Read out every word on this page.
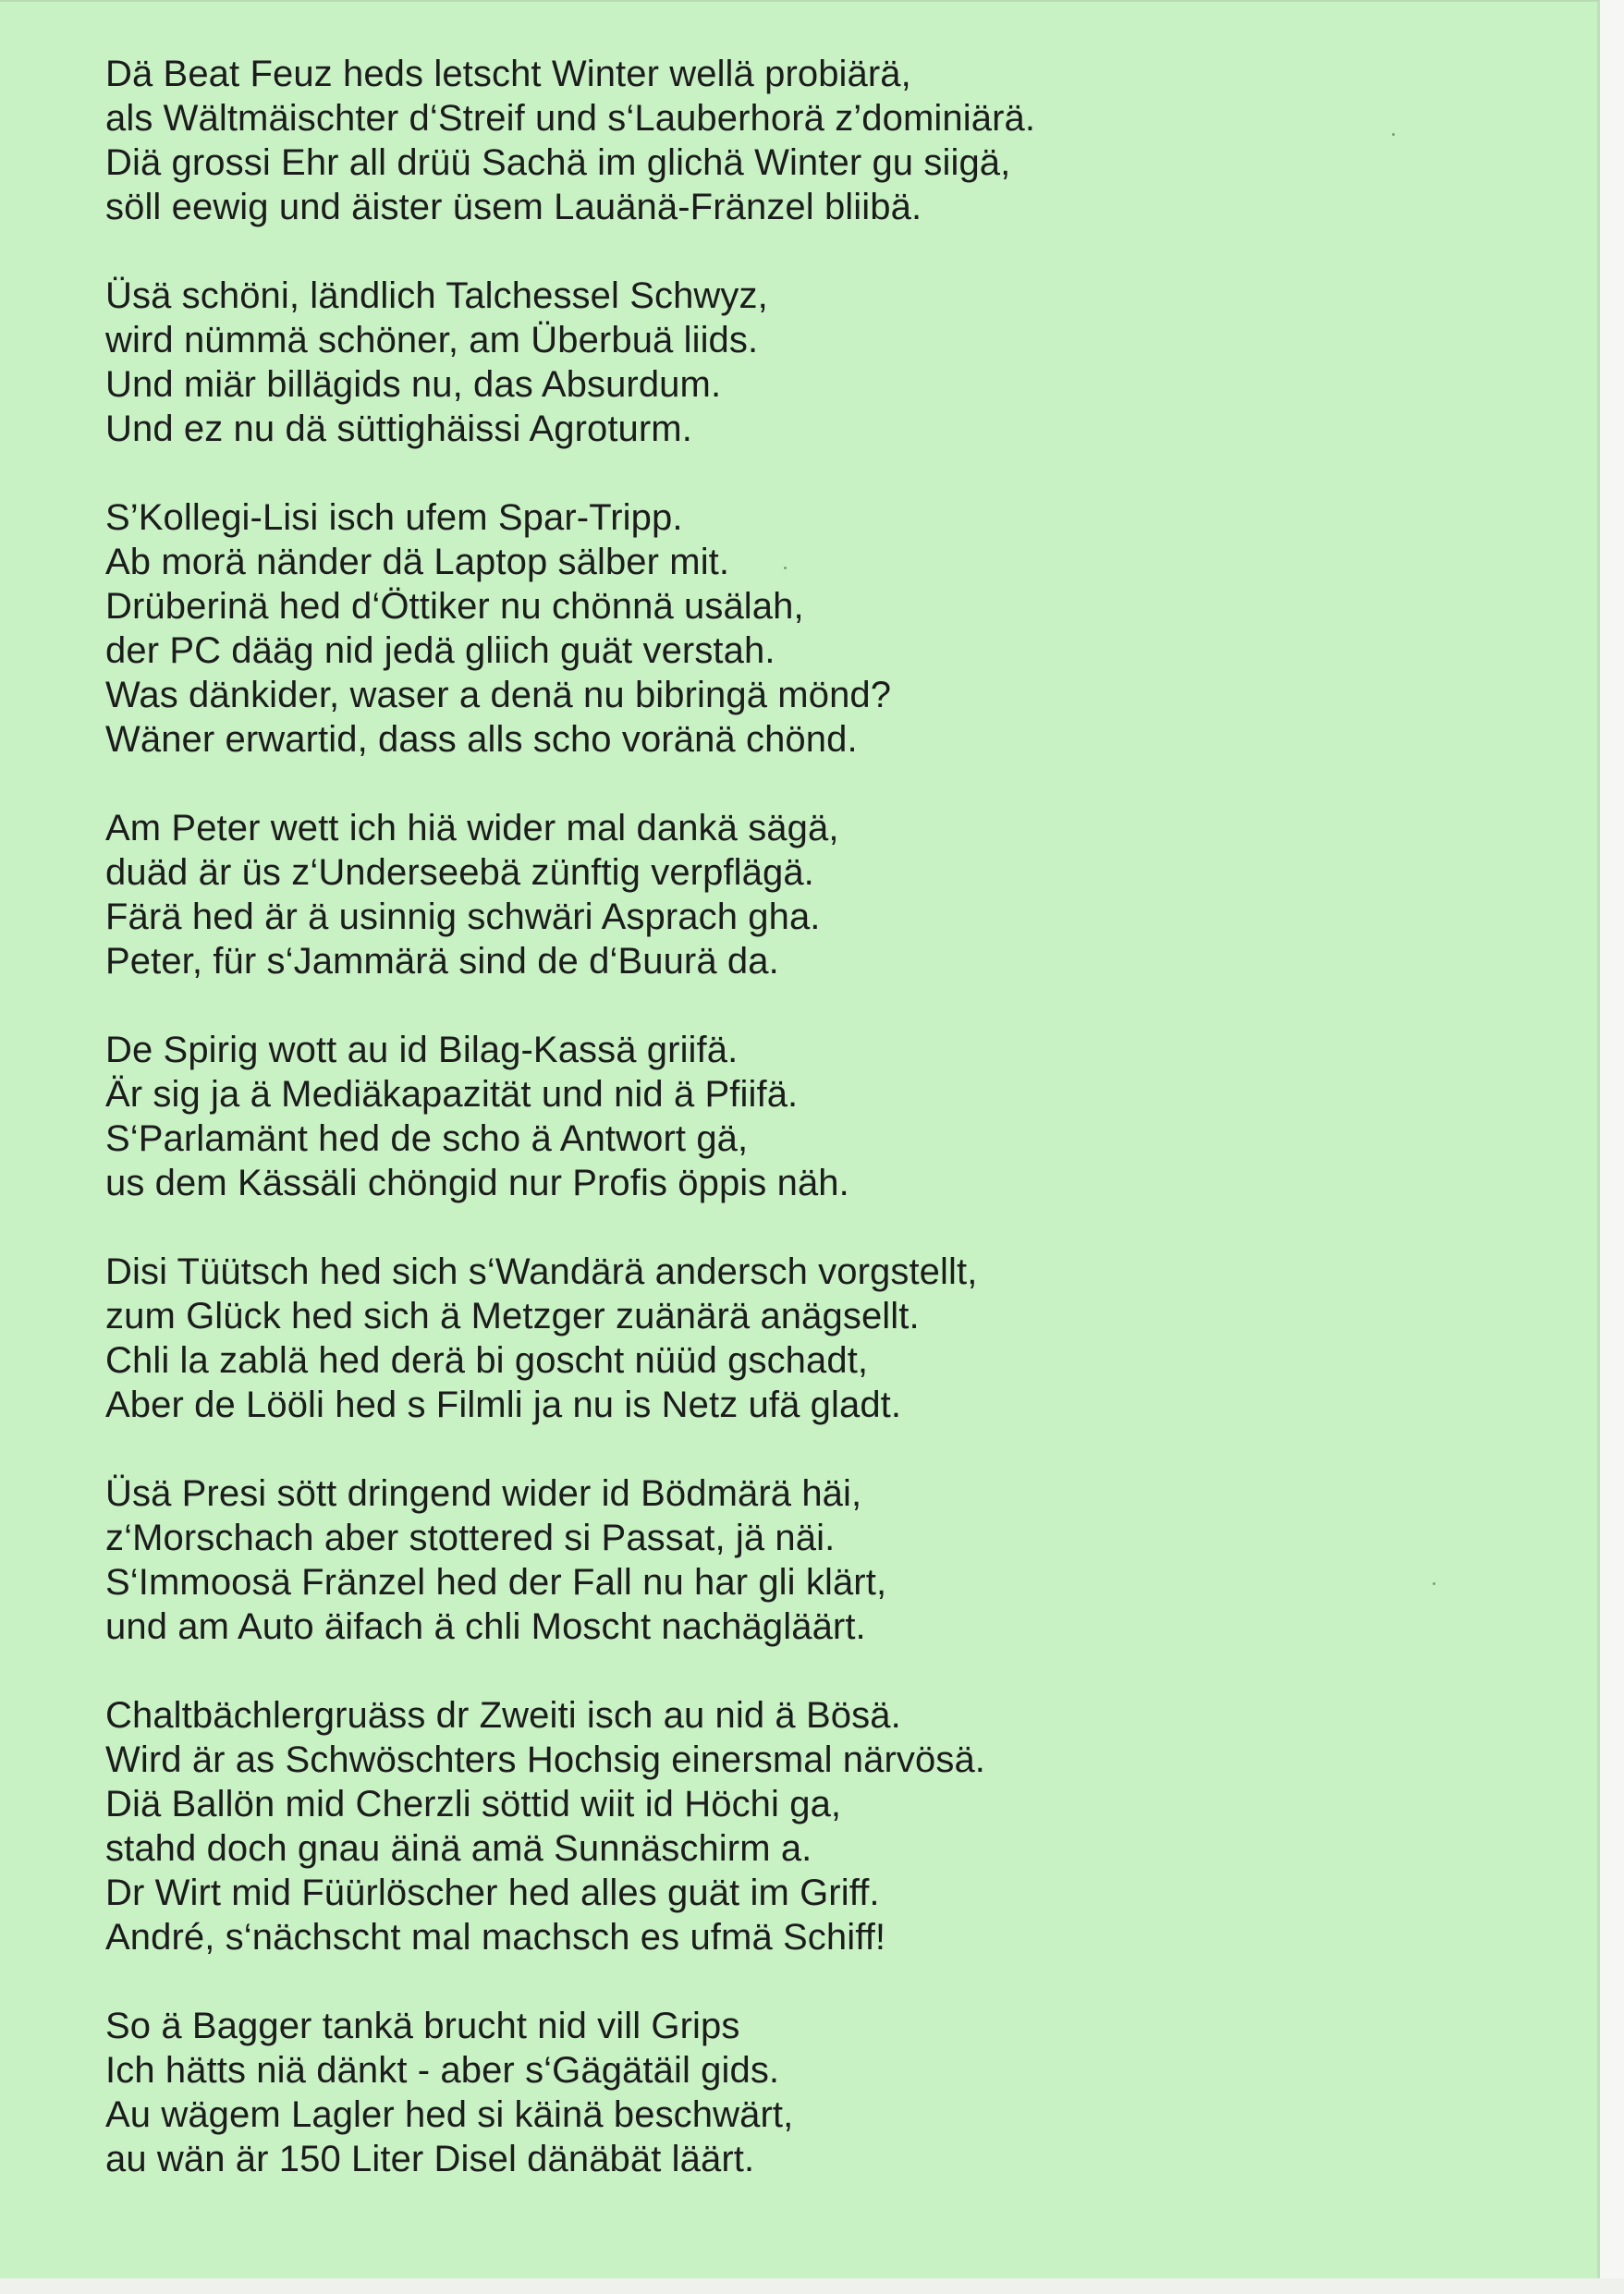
Dä Beat Feuz heds letscht Winter wellä probiärä,
als Wältmäischter d‘Streif und s‘Lauberhorä z’dominiärä.
Diä grossi Ehr all drüü Sachä im glichä Winter gu siigä,
söll eewig und äister üsem Lauänä-Fränzel bliibä.
Üsä schöni, ländlich Talchessel Schwyz,
wird nümmä schöner, am Überbuä liids.
Und miär billägids nu, das Absurdum.
Und ez nu dä süttighäissi Agroturm.
S’Kollegi-Lisi isch ufem Spar-Tripp.
Ab morä nänder dä Laptop sälber mit.
Drüberinä hed d‘Öttiker nu chönnä usälah,
der PC dääg nid jedä gliich guät verstah.
Was dänkider, waser a denä nu bibringä mönd?
Wäner erwartid, dass alls scho voränä chönd.
Am Peter wett ich hiä wider mal dankä sägä,
duäd är üs z‘Underseebä zünftig verpflägä.
Färä hed är ä usinnig schwäri Asprach gha.
Peter, für s‘Jammärä sind de d‘Buurä da.
De Spirig wott au id Bilag-Kassä griifä.
Är sig ja ä Mediäkapazität und nid ä Pfiifä.
S‘Parlamänt hed de scho ä Antwort gä,
us dem Kässäli chöngid nur Profis öppis näh.
Disi Tüütsch hed sich s‘Wandärä andersch vorgstellt,
zum Glück hed sich ä Metzger zuänärä anägsellt.
Chli la zablä hed derä bi goscht nüüd gschadt,
Aber de Lööli hed s Filmli ja nu is Netz ufä gladt.
Üsä Presi sött dringend wider id Bödmärä häi,
z‘Morschach aber stottered si Passat, jä näi.
S‘Immoosä Fränzel hed der Fall nu har gli klärt,
und am Auto äifach ä chli Moscht nachägläärt.
Chaltbächlergruäss dr Zweiti isch au nid ä Bösä.
Wird är as Schwöschters Hochsig einersmal närvösä.
Diä Ballön mid Cherzli söttid wiit id Höchi ga,
stahd doch gnau äinä amä Sunnäschirm a.
Dr Wirt mid Füürlöscher hed alles guät im Griff.
André, s‘nächscht mal machsch es ufmä Schiff!
So ä Bagger tankä brucht nid vill Grips
Ich hätts niä dänkt - aber s‘Gägätäil gids.
Au wägem Lagler hed si käinä beschwärt,
au wän är 150 Liter Disel dänäbät läärt.
